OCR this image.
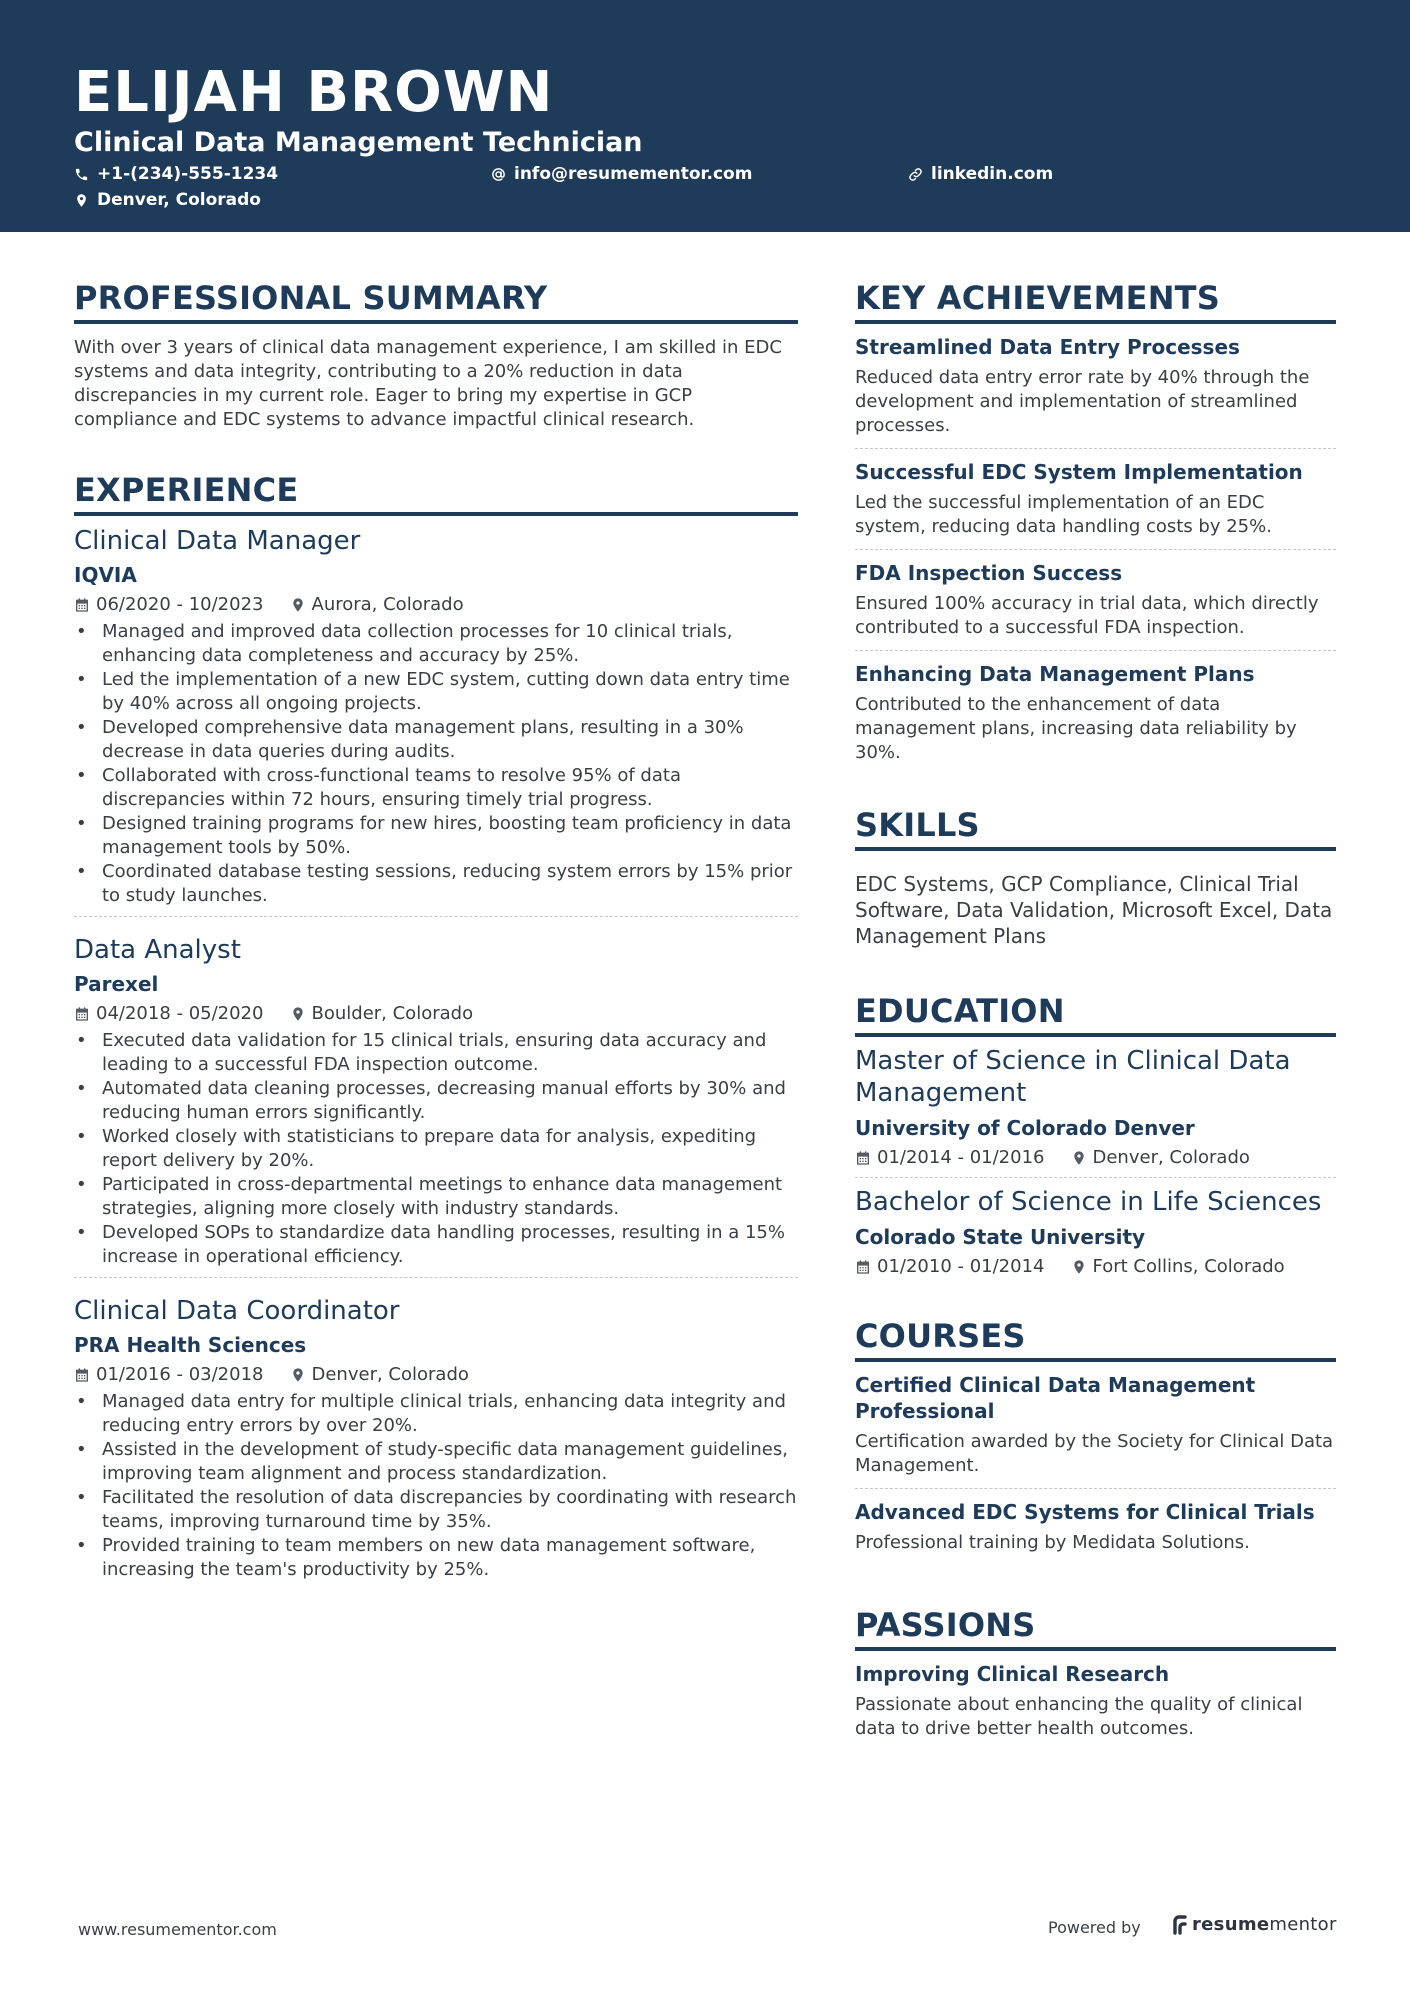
ELIJAH BROWN
Clinical Data Management Technician
+1-(234)-555-1234	info@resumementor.com	linkedin.com
Denver, Colorado
PROFESSIONAL SUMMARY

With over 3 years of clinical data management experience, I am skilled in EDC systems and data integrity, contributing to a 20% reduction in data discrepancies in my current role. Eager to bring my expertise in GCP compliance and EDC systems to advance impactful clinical research.

EXPERIENCE
Clinical Data Manager
IQVIA
06/2020 - 10/2023	Aurora, Colorado
• Managed and improved data collection processes for 10 clinical trials, enhancing data completeness and accuracy by 25%.
• Led the implementation of a new EDC system, cutting down data entry time by 40% across all ongoing projects.
• Developed comprehensive data management plans, resulting in a 30% decrease in data queries during audits.
• Collaborated with cross-functional teams to resolve 95% of data discrepancies within 72 hours, ensuring timely trial progress.
• Designed training programs for new hires, boosting team proficiency in data management tools by 50%.
• Coordinated database testing sessions, reducing system errors by 15% prior to study launches.
Data Analyst
Parexel
04/2018 - 05/2020	Boulder, Colorado
• Executed data validation for 15 clinical trials, ensuring data accuracy and leading to a successful FDA inspection outcome.
• Automated data cleaning processes, decreasing manual efforts by 30% and reducing human errors significantly.
• Worked closely with statisticians to prepare data for analysis, expediting report delivery by 20%.
• Participated in cross-departmental meetings to enhance data management strategies, aligning more closely with industry standards.
• Developed SOPs to standardize data handling processes, resulting in a 15% increase in operational efficiency.
Clinical Data Coordinator
PRA Health Sciences
01/2016 - 03/2018	Denver, Colorado
• Managed data entry for multiple clinical trials, enhancing data integrity and reducing entry errors by over 20%.
• Assisted in the development of study-specific data management guidelines, improving team alignment and process standardization.
• Facilitated the resolution of data discrepancies by coordinating with research teams, improving turnaround time by 35%.
• Provided training to team members on new data management software, increasing the team's productivity by 25%.
KEY ACHIEVEMENTS
Streamlined Data Entry Processes
Reduced data entry error rate by 40% through the development and implementation of streamlined processes.
Successful EDC System Implementation
Led the successful implementation of an EDC system, reducing data handling costs by 25%.
FDA Inspection Success
Ensured 100% accuracy in trial data, which directly contributed to a successful FDA inspection.
Enhancing Data Management Plans
Contributed to the enhancement of data management plans, increasing data reliability by 30%.
SKILLS

EDC Systems, GCP Compliance, Clinical Trial Software, Data Validation, Microsoft Excel, Data Management Plans

EDUCATION
Master of Science in Clinical Data Management
University of Colorado Denver
01/2014 - 01/2016	Denver, Colorado
Bachelor of Science in Life Sciences
Colorado State University
01/2010 - 01/2014	Fort Collins, Colorado
COURSES
Certified Clinical Data Management Professional
Certification awarded by the Society for Clinical Data Management.
Advanced EDC Systems for Clinical Trials
Professional training by Medidata Solutions.
PASSIONS
Improving Clinical Research
Passionate about enhancing the quality of clinical data to drive better health outcomes.
www.resumementor.com	Powered by	resumementor
